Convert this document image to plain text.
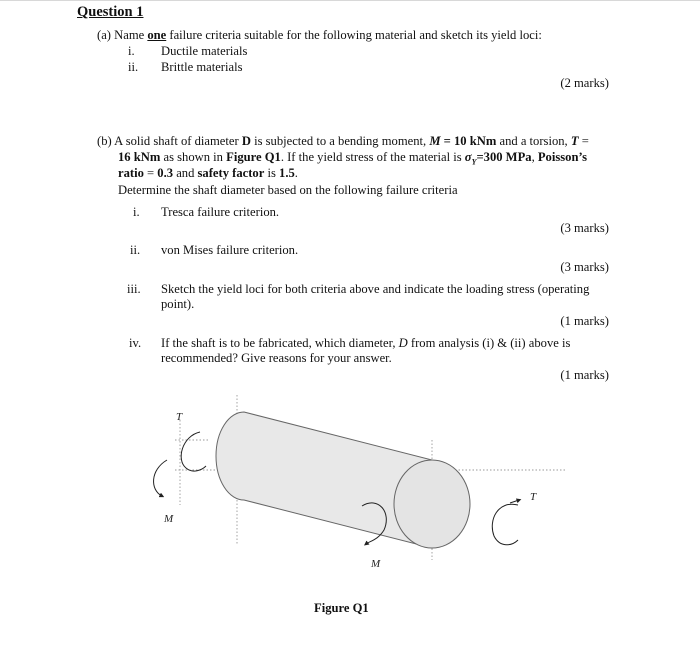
Question 1
(a) Name one failure criteria suitable for the following material and sketch its yield loci:
i. Ductile materials
ii. Brittle materials
(2 marks)
(b) A solid shaft of diameter D is subjected to a bending moment, M = 10 kNm and a torsion, T =
16 kNm as shown in Figure Q1. If the yield stress of the material is $\sigma_Y=300$ MPa, Poisson’s
ratio = 0.3 and safety factor is 1.5.
Determine the shaft diameter based on the following failure criteria
i. Tresca failure criterion.
(3 marks)
ii. von Mises failure criterion.
(3 marks)
iii. Sketch the yield loci for both criteria above and indicate the loading stress (operating
point).
(1 marks)
iv. If the shaft is to be fabricated, which diameter, D from analysis (i) & (ii) above is
recommended? Give reasons for your answer.
(1 marks)
T
M
M
T
Figure Q1
